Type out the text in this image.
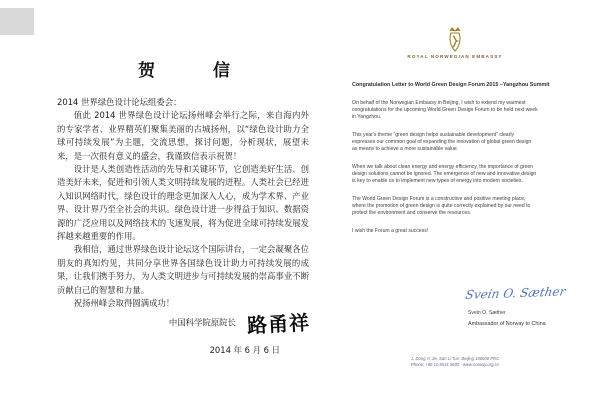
贺 信

2014 世界绿色设计论坛组委会：

值此 2014 世界绿色设计论坛扬州峰会举行之际，来自海内外的专家学者、业界精英们聚集美丽的古城扬州，以“绿色设计助力全球可持续发展”为主题，交流思想，探讨问题，分析现状，展望未来，是一次很有意义的盛会，我谨致信表示祝贺！

设计是人类创造性活动的先导和关键环节，它创造美好生活、创造美好未来，促进和引领人类文明持续发展的进程。人类社会已经进入知识网络时代，绿色设计的理念更加深入人心，成为学术界、产业界、设计界乃至全社会的共识。绿色设计进一步得益于知识、数据资源的广泛应用以及网络技术的飞速发展，将为促进全球可持续发展发挥越来越重要的作用。

我相信，通过世界绿色设计论坛这个国际讲台，一定会凝聚各位朋友的真知灼见，共同分享世界各国绿色设计助力可持续发展的成果，让我们携手努力，为人类文明进步与可持续发展的崇高事业不断贡献自己的智慧和力量。

祝扬州峰会取得圆满成功！

中国科学院原院长 路甬祥
2014 年 6 月 6 日
ROYAL NORWEGIAN EMBASSY
Congratulation Letter to World Green Design Forum 2015 –Yangzhou Summit

On behalf of the Norwegian Embassy in Beijing, I wish to extend my warmest congratulations for the upcoming World Green Design Forum to be held next week in Yangzhou.

This year's theme "green design helps sustainable development" clearly expresses our common goal of expanding the innovation of global green design as means to achieve a more sustainable value.

When we talk about clean energy and energy efficiency, the importance of green design solutions cannot be ignored. The emergence of new and innovative design is key to enable us to implement new types of energy into modern societies.

The World Green Design Forum is a constructive and positive meeting place, where the promotion of green design is quite correctly explained by our need to protect the environment and conserve the resources.

I wish the Forum a great success!

Svein O. Sæther
Svein O. Sæther
Ambassador of Norway to China
1, Dong Yi Jie, San Li Tun, Beijing 100600 PRC
Phone: +86 10 8531 9600 · www.norway.org.cn
